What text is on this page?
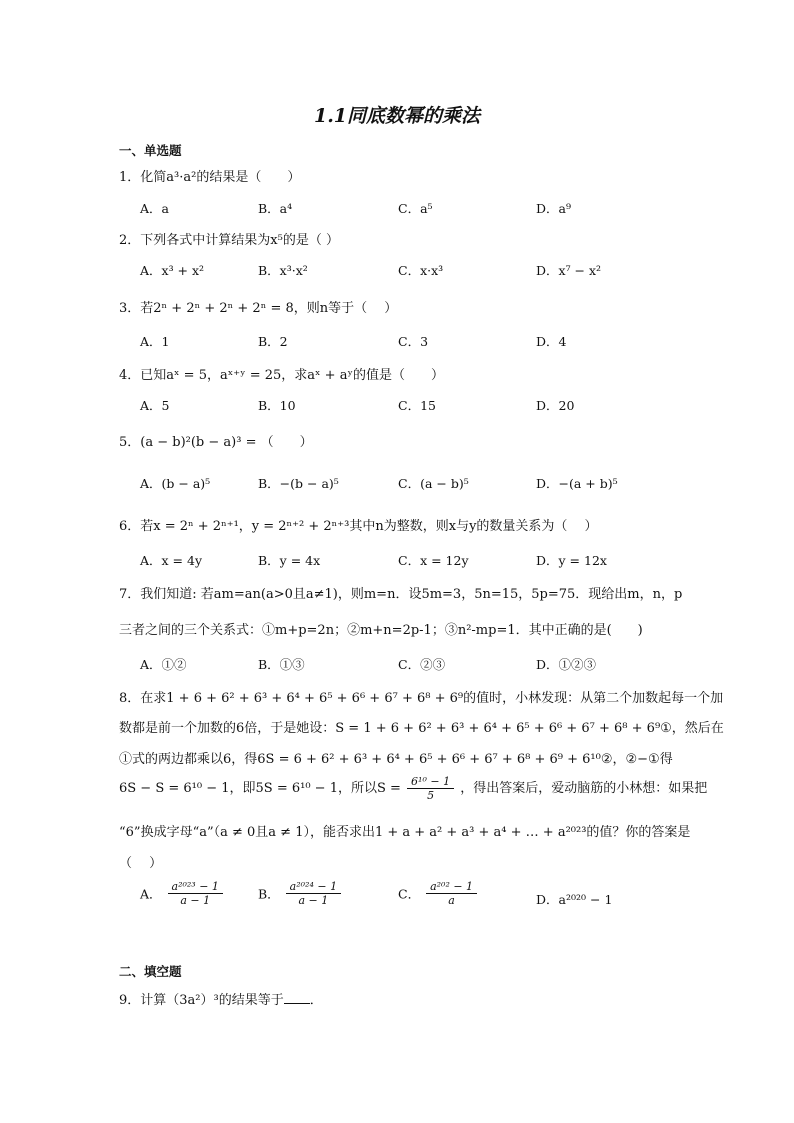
1.1同底数幂的乘法
一、单选题
1．化简a³·a²的结果是（　　）
A．a	B．a⁴	C．a⁵	D．a⁹
2．下列各式中计算结果为x⁵的是（ ）
A．x³ + x²	B．x³·x²	C．x·x³	D．x⁷ − x²
3．若2ⁿ + 2ⁿ + 2ⁿ + 2ⁿ = 8，则n等于（　 ）
A．1	B．2	C．3	D．4
4．已知aˣ = 5，aˣ⁺ʸ = 25，求aˣ + aʸ的值是（　　）
A．5	B．10	C．15	D．20
5．(a − b)²(b − a)³ = （　　）
A．(b − a)⁵	B．−(b − a)⁵	C．(a − b)⁵	D．−(a + b)⁵
6．若x = 2ⁿ + 2ⁿ⁺¹，y = 2ⁿ⁺² + 2ⁿ⁺³其中n为整数，则x与y的数量关系为（　 ）
A．x = 4y	B．y = 4x	C．x = 12y	D．y = 12x
7．我们知道: 若am=an(a>0且a≠1)，则m=n．设5m=3，5n=15，5p=75．现给出m，n，p
三者之间的三个关系式：①m+p=2n；②m+n=2p-1；③n²-mp=1．其中正确的是(　　)
A．①②	B．①③	C．②③	D．①②③
8．在求1 + 6 + 6² + 6³ + 6⁴ + 6⁵ + 6⁶ + 6⁷ + 6⁸ + 6⁹的值时，小林发现：从第二个加数起每一个加
数都是前一个加数的6倍，于是她设：S = 1 + 6 + 6² + 6³ + 6⁴ + 6⁵ + 6⁶ + 6⁷ + 6⁸ + 6⁹①，然后在
①式的两边都乘以6，得6S = 6 + 6² + 6³ + 6⁴ + 6⁵ + 6⁶ + 6⁷ + 6⁸ + 6⁹ + 6¹⁰②，②−①得
6S − S = 6¹⁰ − 1，即5S = 6¹⁰ − 1，所以$S = \frac{\text{6¹⁰ − 1}}{5}$ ，得出答案后，爱动脑筋的小林想：如果把
“6”换成字母“a”（a ≠ 0且a ≠ 1），能否求出1 + a + a² + a³ + a⁴ + … + a²⁰²³的值？你的答案是
（　 ）
A． $\frac{\text{a²⁰²³ − 1}}{a - 1}$	B． $\frac{\text{a²⁰²⁴ − 1}}{a - 1}$	C． $\frac{\text{a²⁰² − 1}}{a}$	D．a²⁰²⁰ − 1
二、填空题
9．计算（3a²）³的结果等于 ．
